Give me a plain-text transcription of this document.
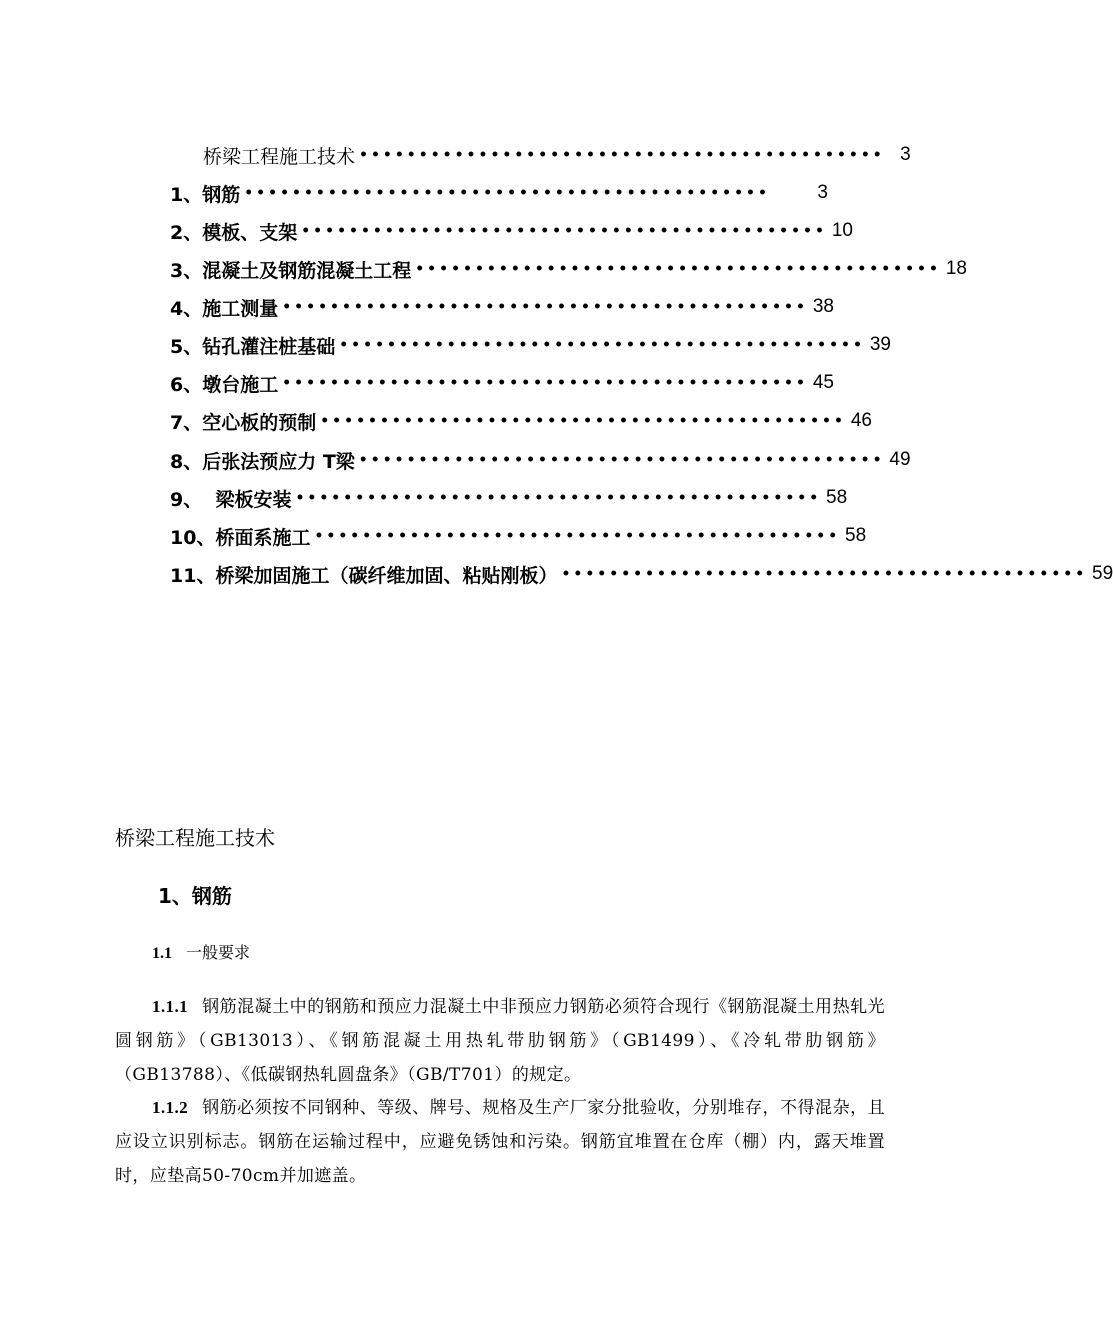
桥梁工程施工技术 •••••••••••••••••••••••••••••••••••••••••••• 3
1、钢筋 ••••••••••••••••••••••••••••••••••••••••••••	3
2、模板、支架 •••••••••••••••••••••••••••••••••••••••••••• 10
3、混凝土及钢筋混凝土工程 •••••••••••••••••••••••••••••••••••••••••••• 18
4、施工测量 •••••••••••••••••••••••••••••••••••••••••••• 38
5、钻孔灌注桩基础 •••••••••••••••••••••••••••••••••••••••••••• 39
6、墩台施工 •••••••••••••••••••••••••••••••••••••••••••• 45
7、空心板的预制 •••••••••••••••••••••••••••••••••••••••••••• 46
8、后张法预应力 T梁 •••••••••••••••••••••••••••••••••••••••••••• 49
9、  梁板安装 •••••••••••••••••••••••••••••••••••••••••••• 58
10、桥面系施工 •••••••••••••••••••••••••••••••••••••••••••• 58
11、桥梁加固施工（碳纤维加固、粘贴刚板） •••••••••••••••••••••••••••••••••••••••••••• 59
桥梁工程施工技术
1、钢筋
1.1 一般要求
1.1.1 钢筋混凝土中的钢筋和预应力混凝土中非预应力钢筋必须符合现行《钢筋混凝土用热轧光圆钢筋》（GB13013）、《钢筋混凝土用热轧带肋钢筋》（GB1499）、《冷轧带肋钢筋》（GB13788）、《低碳钢热轧圆盘条》（GB/T701）的规定。
1.1.2 钢筋必须按不同钢种、等级、牌号、规格及生产厂家分批验收，分别堆存，不得混杂，且应设立识别标志。钢筋在运输过程中，应避免锈蚀和污染。钢筋宜堆置在仓库（棚）内，露天堆置时，应垫高50-70cm并加遮盖。
